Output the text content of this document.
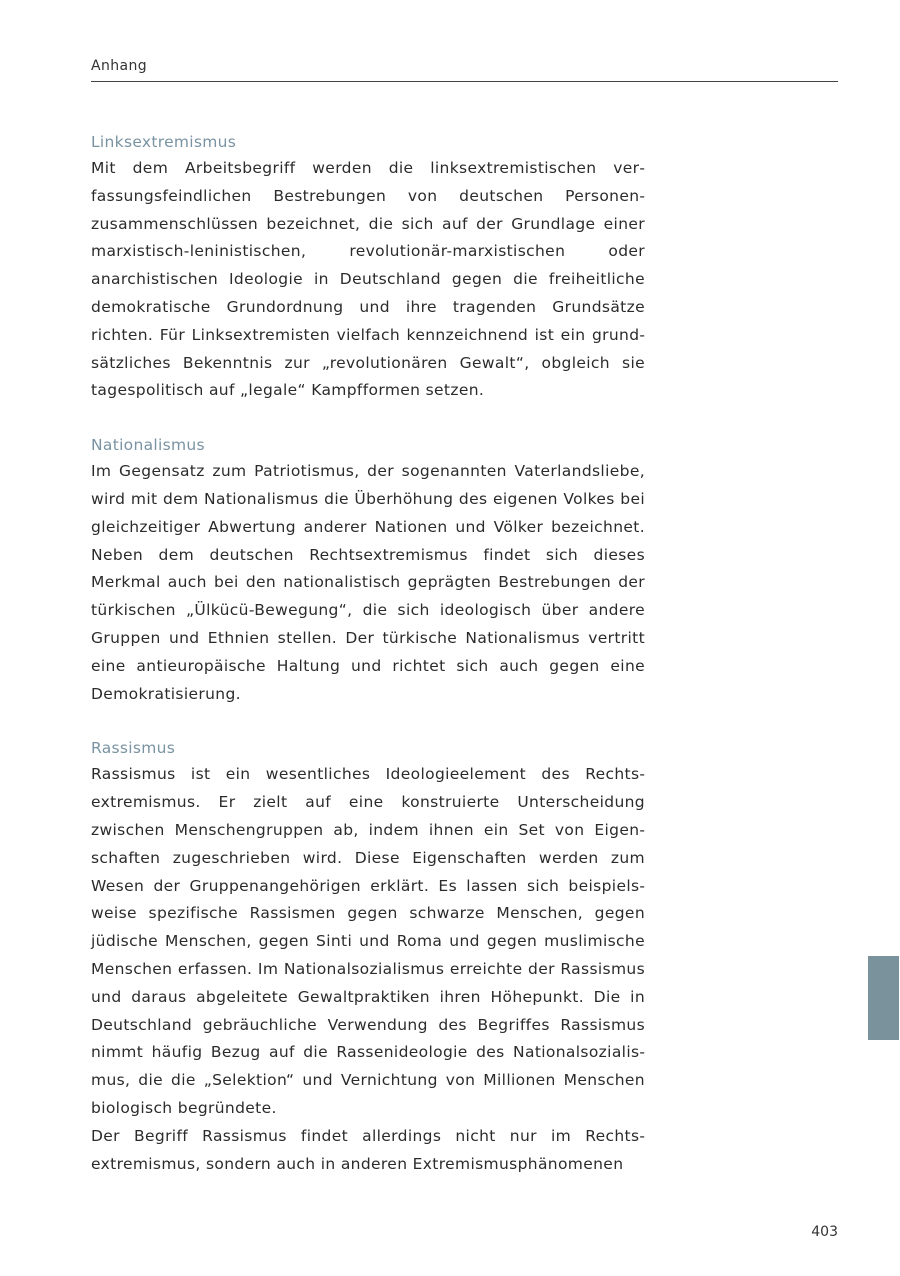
Anhang
Linksextremismus

Mit dem Arbeitsbegriff werden die linksextremistischen verfassungsfeindlichen Bestrebungen von deutschen Personenzusammenschlüssen bezeichnet, die sich auf der Grundlage einer marxistisch-leninistischen, revolutionär-marxistischen oder anarchistischen Ideologie in Deutschland gegen die freiheitliche demokratische Grundordnung und ihre tragenden Grundsätze richten. Für Linksextremisten vielfach kennzeichnend ist ein grundsätzliches Bekenntnis zur „revolutionären Gewalt“, obgleich sie tagespolitisch auf „legale“ Kampfformen setzen.

Nationalismus

Im Gegensatz zum Patriotismus, der sogenannten Vaterlandsliebe, wird mit dem Nationalismus die Überhöhung des eigenen Volkes bei gleichzeitiger Abwertung anderer Nationen und Völker bezeichnet. Neben dem deutschen Rechtsextremismus findet sich dieses Merkmal auch bei den nationalistisch geprägten Bestrebungen der türkischen „Ülkücü-Bewegung“, die sich ideologisch über andere Gruppen und Ethnien stellen. Der türkische Nationalismus vertritt eine antieuropäische Haltung und richtet sich auch gegen eine Demokratisierung.

Rassismus

Rassismus ist ein wesentliches Ideologieelement des Rechtsextremismus. Er zielt auf eine konstruierte Unterscheidung zwischen Menschengruppen ab, indem ihnen ein Set von Eigenschaften zugeschrieben wird. Diese Eigenschaften werden zum Wesen der Gruppenangehörigen erklärt. Es lassen sich beispielsweise spezifische Rassismen gegen schwarze Menschen, gegen jüdische Menschen, gegen Sinti und Roma und gegen muslimische Menschen erfassen. Im Nationalsozialismus erreichte der Rassismus und daraus abgeleitete Gewaltpraktiken ihren Höhepunkt. Die in Deutschland gebräuchliche Verwendung des Begriffes Rassismus nimmt häufig Bezug auf die Rassenideologie des Nationalsozialismus, die die „Selektion“ und Vernichtung von Millionen Menschen biologisch begründete.

Der Begriff Rassismus findet allerdings nicht nur im Rechtsextremismus, sondern auch in anderen Extremismusphänomenen

403
